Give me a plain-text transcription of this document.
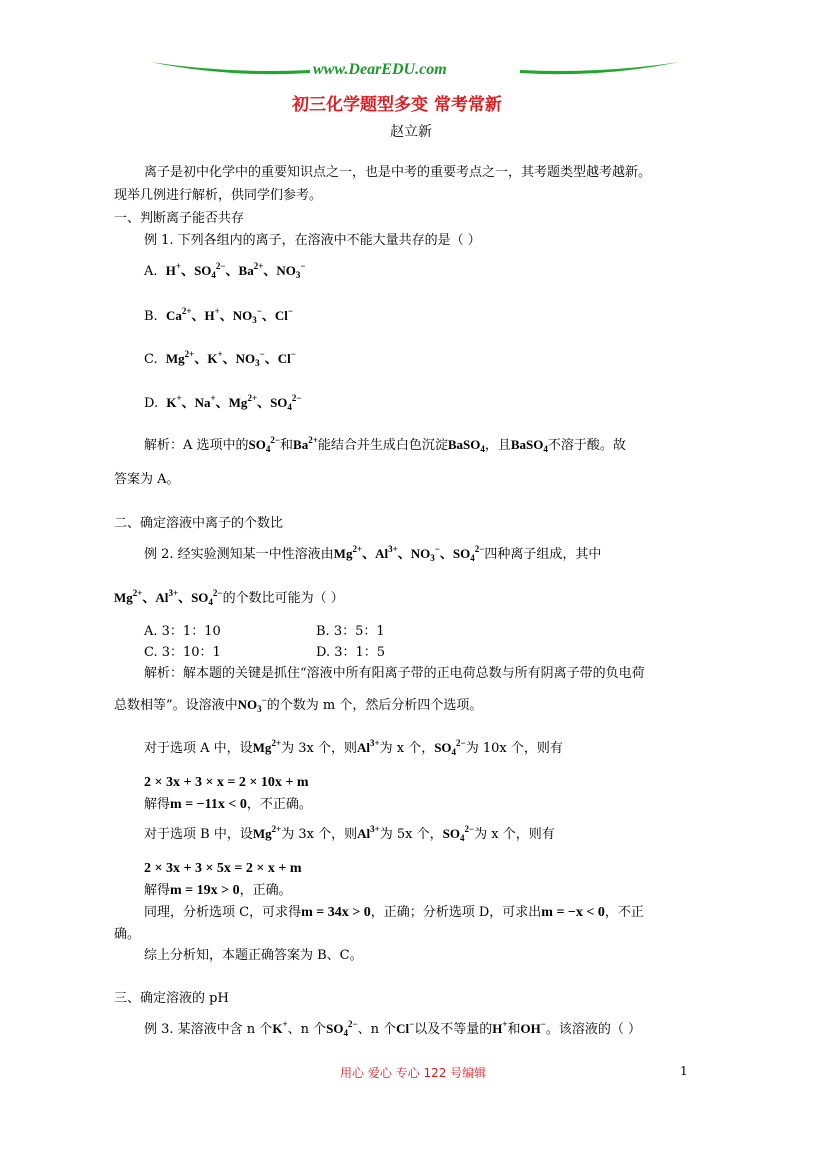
www.DearEDU.com
初三化学题型多变 常考常新
赵立新
离子是初中化学中的重要知识点之一，也是中考的重要考点之一，其考题类型越考越新。
现举几例进行解析，供同学们参考。
一、判断离子能否共存
例 1. 下列各组内的离子，在溶液中不能大量共存的是（ ）
A. H+、$SO_4^{2-}$、$Ba^{2+}$、$NO_3^-$
B. $Ca^{2+}$、H+、$NO_3^-$、Cl−
C. $Mg^{2+}$、K+、$NO_3^-$、Cl−
D. K+、Na+、$Mg^{2+}$、$SO_4^{2-}$
解析：A 选项中的$SO_4^{2-}$和$Ba^{2+}$能结合并生成白色沉淀BaSO$_4$，且BaSO$_4$不溶于酸。故
答案为 A。
二、确定溶液中离子的个数比
例 2. 经实验测知某一中性溶液由$Mg^{2+}$、$Al^{3+}$、$NO_3^-$、$SO_4^{2-}$四种离子组成，其中
$Mg^{2+}$、$Al^{3+}$、$SO_4^{2-}$的个数比可能为（ ）
A. 3：1：10	B. 3：5：1
C. 3：10：1	D. 3：1：5
解析：解本题的关键是抓住“溶液中所有阳离子带的正电荷总数与所有阴离子带的负电荷
总数相等”。设溶液中$NO_3^-$的个数为 m 个，然后分析四个选项。
对于选项 A 中，设$Mg^{2+}$为 3x 个，则$Al^{3+}$为 x 个，$SO_4^{2-}$为 10x 个，则有
2 × 3x + 3 × x = 2 × 10x + m
解得m = −11x < 0，不正确。
对于选项 B 中，设$Mg^{2+}$为 3x 个，则$Al^{3+}$为 5x 个，$SO_4^{2-}$为 x 个，则有
2 × 3x + 3 × 5x = 2 × x + m
解得m = 19x > 0，正确。
同理，分析选项 C，可求得m = 34x > 0，正确；分析选项 D，可求出m = −x < 0，不正
确。
综上分析知，本题正确答案为 B、C。
三、确定溶液的 pH
例 3. 某溶液中含 n 个K+、n 个$SO_4^{2-}$、n 个Cl−以及不等量的H+和OH−。该溶液的（ ）
用心 爱心 专心 122 号编辑	1
